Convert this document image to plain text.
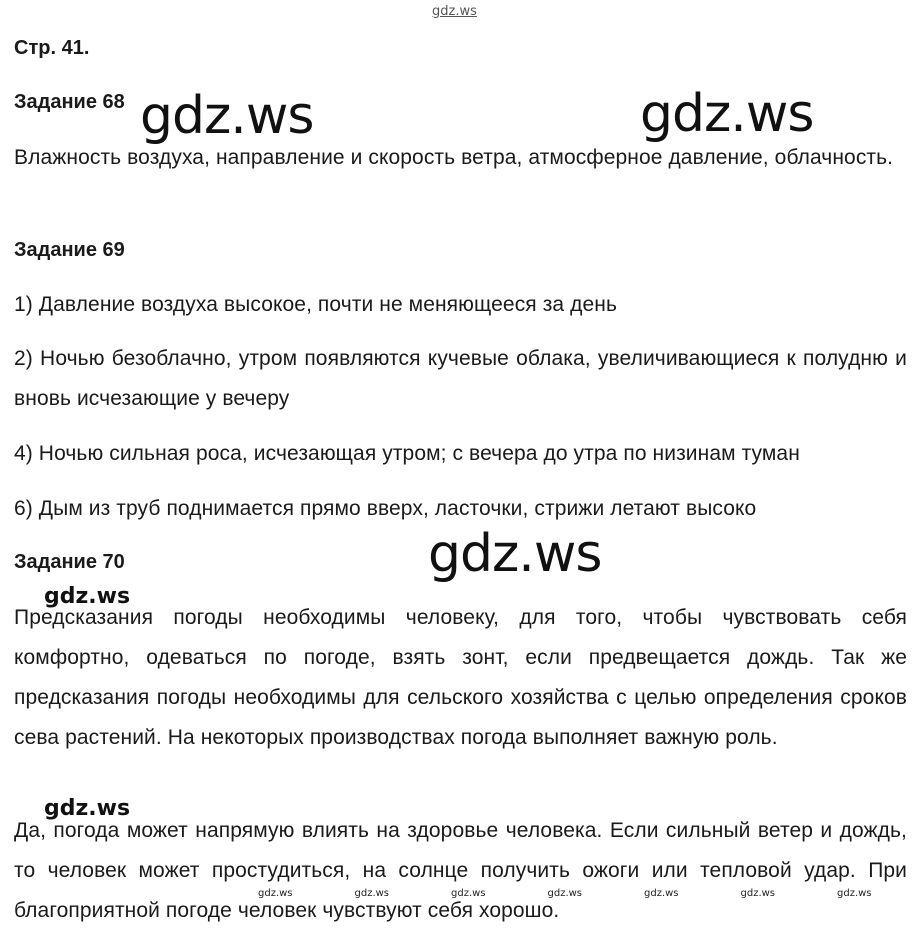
gdz.ws
Стр. 41.
Задание 68
Влажность воздуха, направление и скорость ветра, атмосферное давление, облачность.
Задание 69
1) Давление воздуха высокое, почти не меняющееся за день
2) Ночью безоблачно, утром появляются кучевые облака, увеличивающиеся к полудню и вновь исчезающие у вечеру
4) Ночью сильная роса, исчезающая утром; с вечера до утра по низинам туман
6) Дым из труб поднимается прямо вверх, ласточки, стрижи летают высоко
Задание 70
Предсказания погоды необходимы человеку, для того, чтобы чувствовать себя комфортно, одеваться по погоде, взять зонт, если предвещается дождь. Так же предсказания погоды необходимы для сельского хозяйства с целью определения сроков сева растений. На некоторых производствах погода выполняет важную роль.
Да, погода может напрямую влиять на здоровье человека. Если сильный ветер и дождь, то человек может простудиться, на солнце получить ожоги или тепловой удар. При благоприятной погоде человек чувствуют себя хорошо.
gdz.ws	gdz.ws
gdz.ws
gdz.ws
gdz.ws
gdz.ws	gdz.ws	gdz.ws	gdz.ws	gdz.ws	gdz.ws	gdz.ws
